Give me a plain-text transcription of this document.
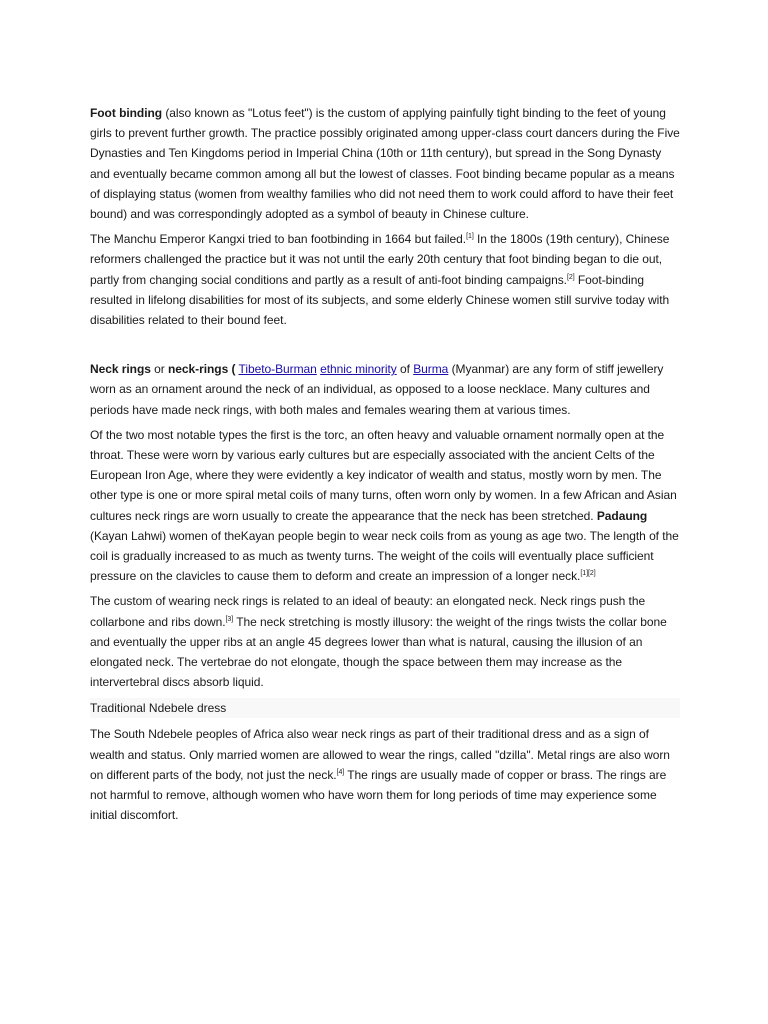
Foot binding (also known as "Lotus feet") is the custom of applying painfully tight binding to the feet of young girls to prevent further growth. The practice possibly originated among upper-class court dancers during the Five Dynasties and Ten Kingdoms period in Imperial China (10th or 11th century), but spread in the Song Dynasty and eventually became common among all but the lowest of classes. Foot binding became popular as a means of displaying status (women from wealthy families who did not need them to work could afford to have their feet bound) and was correspondingly adopted as a symbol of beauty in Chinese culture.

The Manchu Emperor Kangxi tried to ban footbinding in 1664 but failed.[1] In the 1800s (19th century), Chinese reformers challenged the practice but it was not until the early 20th century that foot binding began to die out, partly from changing social conditions and partly as a result of anti-foot binding campaigns.[2] Foot-binding resulted in lifelong disabilities for most of its subjects, and some elderly Chinese women still survive today with disabilities related to their bound feet.

Neck rings or neck-rings ( Tibeto-Burman ethnic minority of Burma (Myanmar) are any form of stiff jewellery worn as an ornament around the neck of an individual, as opposed to a loose necklace. Many cultures and periods have made neck rings, with both males and females wearing them at various times.

Of the two most notable types the first is the torc, an often heavy and valuable ornament normally open at the throat. These were worn by various early cultures but are especially associated with the ancient Celts of the European Iron Age, where they were evidently a key indicator of wealth and status, mostly worn by men. The other type is one or more spiral metal coils of many turns, often worn only by women. In a few African and Asian cultures neck rings are worn usually to create the appearance that the neck has been stretched. Padaung (Kayan Lahwi) women of theKayan people begin to wear neck coils from as young as age two. The length of the coil is gradually increased to as much as twenty turns. The weight of the coils will eventually place sufficient pressure on the clavicles to cause them to deform and create an impression of a longer neck.[1][2]

The custom of wearing neck rings is related to an ideal of beauty: an elongated neck. Neck rings push the collarbone and ribs down.[3] The neck stretching is mostly illusory: the weight of the rings twists the collar bone and eventually the upper ribs at an angle 45 degrees lower than what is natural, causing the illusion of an elongated neck. The vertebrae do not elongate, though the space between them may increase as the intervertebral discs absorb liquid.

Traditional Ndebele dress

The South Ndebele peoples of Africa also wear neck rings as part of their traditional dress and as a sign of wealth and status. Only married women are allowed to wear the rings, called "dzilla". Metal rings are also worn on different parts of the body, not just the neck.[4] The rings are usually made of copper or brass. The rings are not harmful to remove, although women who have worn them for long periods of time may experience some initial discomfort.
